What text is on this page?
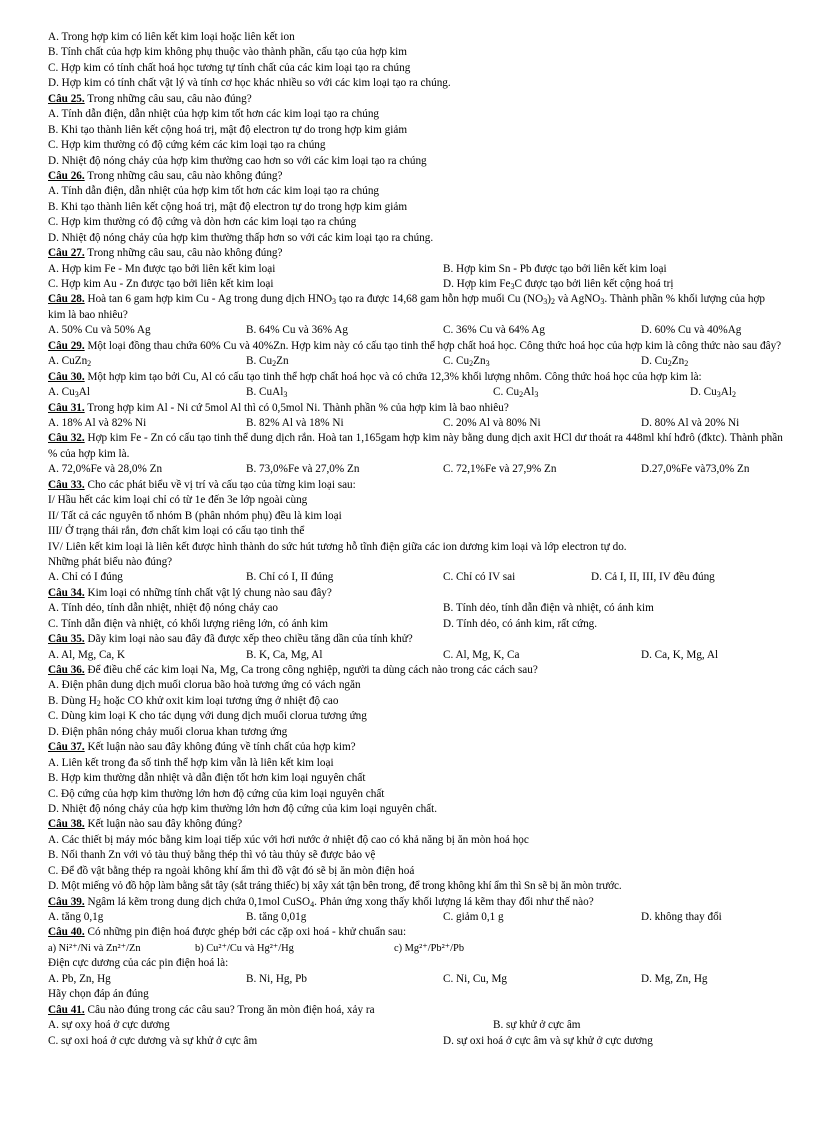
A. Trong hợp kim có liên kết kim loại hoặc liên kết ion
B. Tính chất của hợp kim không phụ thuộc vào thành phần, cấu tạo của hợp kim
C. Hợp kim có tính chất hoá học tương tự tính chất của các kim loại tạo ra chúng
D. Hợp kim có tính chất vật lý và tính cơ học khác nhiều so với các kim loại tạo ra chúng.
Câu 25. Trong những câu sau, câu nào đúng?
A. Tính dẫn điện, dẫn nhiệt của hợp kim tốt hơn các kim loại tạo ra chúng
B. Khi tạo thành liên kết cộng hoá trị, mật độ electron tự do trong hợp kim giảm
C. Hợp kim thường có độ cứng kém các kim loại tạo ra chúng
D. Nhiệt độ nóng chảy của hợp kim thường cao hơn so với các kim loại tạo ra chúng
Câu 26. Trong những câu sau, câu nào không đúng?
A. Tính dẫn điện, dẫn nhiệt của hợp kim tốt hơn các kim loại tạo ra chúng
B. Khi tạo thành liên kết cộng hoá trị, mật độ electron tự do trong hợp kim giảm
C. Hợp kim thường có độ cứng và dòn hơn các kim loại tạo ra chúng
D. Nhiệt độ nóng chảy của hợp kim thường thấp hơn so với các kim loại tạo ra chúng.
Câu 27. Trong những câu sau, câu nào không đúng?
A. Hợp kim Fe - Mn được tạo bởi liên kết kim loại	B. Hợp kim Sn - Pb được tạo bởi liên kết kim loại
C. Hợp kim Au - Zn được tạo bởi liên kết kim loại	D. Hợp kim $Fe_3C$ được tạo bởi liên kết cộng hoá trị
Câu 28. Hoà tan 6 gam hợp kim Cu - Ag trong dung dịch $HNO_3$ tạo ra được 14,68 gam hỗn hợp muối Cu $(NO_3)_2$ và AgNO$_3$. Thành phần % khối lượng của hợp kim là bao nhiêu?
A. 50% Cu và 50% Ag	B. 64% Cu và 36% Ag	C. 36% Cu và 64% Ag	D. 60% Cu và 40%Ag
Câu 29. Một loại đồng thau chứa 60% Cu và 40%Zn. Hợp kim này có cấu tạo tinh thể hợp chất hoá học. Công thức hoá học của hợp kim là công thức nào sau đây?
A. CuZn$_2$	B. $Cu_2Zn$	C. $Cu_2Zn_3$	D. $Cu_2Zn_2$
Câu 30. Một hợp kim tạo bởi Cu, Al có cấu tạo tinh thể hợp chất hoá học và có chứa 12,3% khối lượng nhôm. Công thức hoá học của hợp kim là:
A. $Cu_3Al$	B. CuAl$_3$	C. $Cu_2Al_3$	D. $Cu_3Al_2$
Câu 31. Trong hợp kim Al - Ni cứ 5mol Al thì có 0,5mol Ni. Thành phần % của hợp kim là bao nhiêu?
A. 18% Al và 82% Ni	B. 82% Al và 18% Ni	C. 20% Al và 80% Ni	D. 80% Al và 20% Ni
Câu 32. Hợp kim Fe - Zn có cấu tạo tinh thể dung dịch rắn. Hoà tan 1,165gam hợp kim này bằng dung dịch axit HCl dư thoát ra 448ml khí hđrô (đktc). Thành phần % của hợp kim là.
A. 72,0%Fe và 28,0% Zn	B. 73,0%Fe và 27,0% Zn	C. 72,1%Fe và 27,9% Zn	D.27,0%Fe và73,0% Zn
Câu 33. Cho các phát biểu về vị trí và cấu tạo của từng kim loại sau:
I/ Hầu hết các kim loại chỉ có từ 1e đến 3e lớp ngoài cùng
II/ Tất cả các nguyên tố nhóm B (phân nhóm phụ) đều là kim loại
III/ Ở trạng thái rắn, đơn chất kim loại có cấu tạo tinh thể
IV/ Liên kết kim loại là liên kết được hình thành do sức hút tương hỗ tĩnh điện giữa các ion dương kim loại và lớp electron tự do.
Những phát biểu nào đúng?
A. Chỉ có I đúng	B. Chỉ có I, II đúng	C. Chỉ có IV sai	D. Cả I, II, III, IV đều đúng
Câu 34. Kim loại có những tính chất vật lý chung nào sau đây?
A. Tính dẻo, tính dẫn nhiệt, nhiệt độ nóng chảy cao	B. Tính dẻo, tính dẫn điện và nhiệt, có ánh kim
C. Tính dẫn điện và nhiệt, có khối lượng riêng lớn, có ánh kim	D. Tính dẻo, có ánh kim, rất cứng.
Câu 35. Dãy kim loại nào sau đây đã được xếp theo chiều tăng dần của tính khử?
A. Al, Mg, Ca, K	B. K, Ca, Mg, Al	C. Al, Mg, K, Ca	D. Ca, K, Mg, Al
Câu 36. Để điều chế các kim loại Na, Mg, Ca trong công nghiệp, người ta dùng cách nào trong các cách sau?
A. Điện phân dung dịch muối clorua bão hoà tương ứng có vách ngăn
B. Dùng $H_2$ hoặc CO khử oxit kim loại tương ứng ở nhiệt độ cao
C. Dùng kim loại K cho tác dụng với dung dịch muối clorua tương ứng
D. Điện phân nóng chảy muối clorua khan tương ứng
Câu 37. Kết luận nào sau đây không đúng về tính chất của hợp kim?
A. Liên kết trong đa số tinh thể hợp kim vẫn là liên kết kim loại
B. Hợp kim thường dẫn nhiệt và dẫn điện tốt hơn kim loại nguyên chất
C. Độ cứng của hợp kim thường lớn hơn độ cứng của kim loại nguyên chất
D. Nhiệt độ nóng chảy của hợp kim thường lớn hơn độ cứng của kim loại nguyên chất.
Câu 38. Kết luận nào sau đây không đúng?
A. Các thiết bị máy móc bằng kim loại tiếp xúc với hơi nước ở nhiệt độ cao có khả năng bị ăn mòn hoá học
B. Nối thanh Zn với vỏ tàu thuỷ bằng thép thì vỏ tàu thủy sẽ được bảo vệ
C. Để đồ vật bằng thép ra ngoài không khí ẩm thì đồ vật đó sẽ bị ăn mòn điện hoá
D. Một miếng vỏ đồ hộp làm bằng sắt tây (sắt tráng thiếc) bị xây xát tận bên trong, để trong không khí ẩm thì Sn sẽ bị ăn mòn trước.
Câu 39. Ngâm lá kẽm trong dung dịch chứa 0,1mol CuSO$_4$. Phản ứng xong thấy khối lượng lá kẽm thay đổi như thế nào?
A. tăng 0,1g	B. tăng 0,01g	C. giảm 0,1 g	D. không thay đổi
Câu 40. Có những pin điện hoá được ghép bởi các cặp oxi hoá - khử chuẩn sau:
a) Ni²⁺/Ni và Zn²⁺/Zn	b) Cu²⁺/Cu và Hg²⁺/Hg	c) Mg²⁺/Pb²⁺/Pb
Điện cực dương của các pin điện hoá là:
A. Pb, Zn, Hg	B. Ni, Hg, Pb	C. Ni, Cu, Mg	D. Mg, Zn, Hg
Hãy chọn đáp án đúng
Câu 41. Câu nào đúng trong các câu sau? Trong ăn mòn điện hoá, xảy ra
A. sự oxy hoá ở cực dương	B. sự khử ở cực âm
C. sự oxi hoá ở cực dương và sự khử ở cực âm	D. sự oxi hoá ở cực âm và sự khử ở cực dương
